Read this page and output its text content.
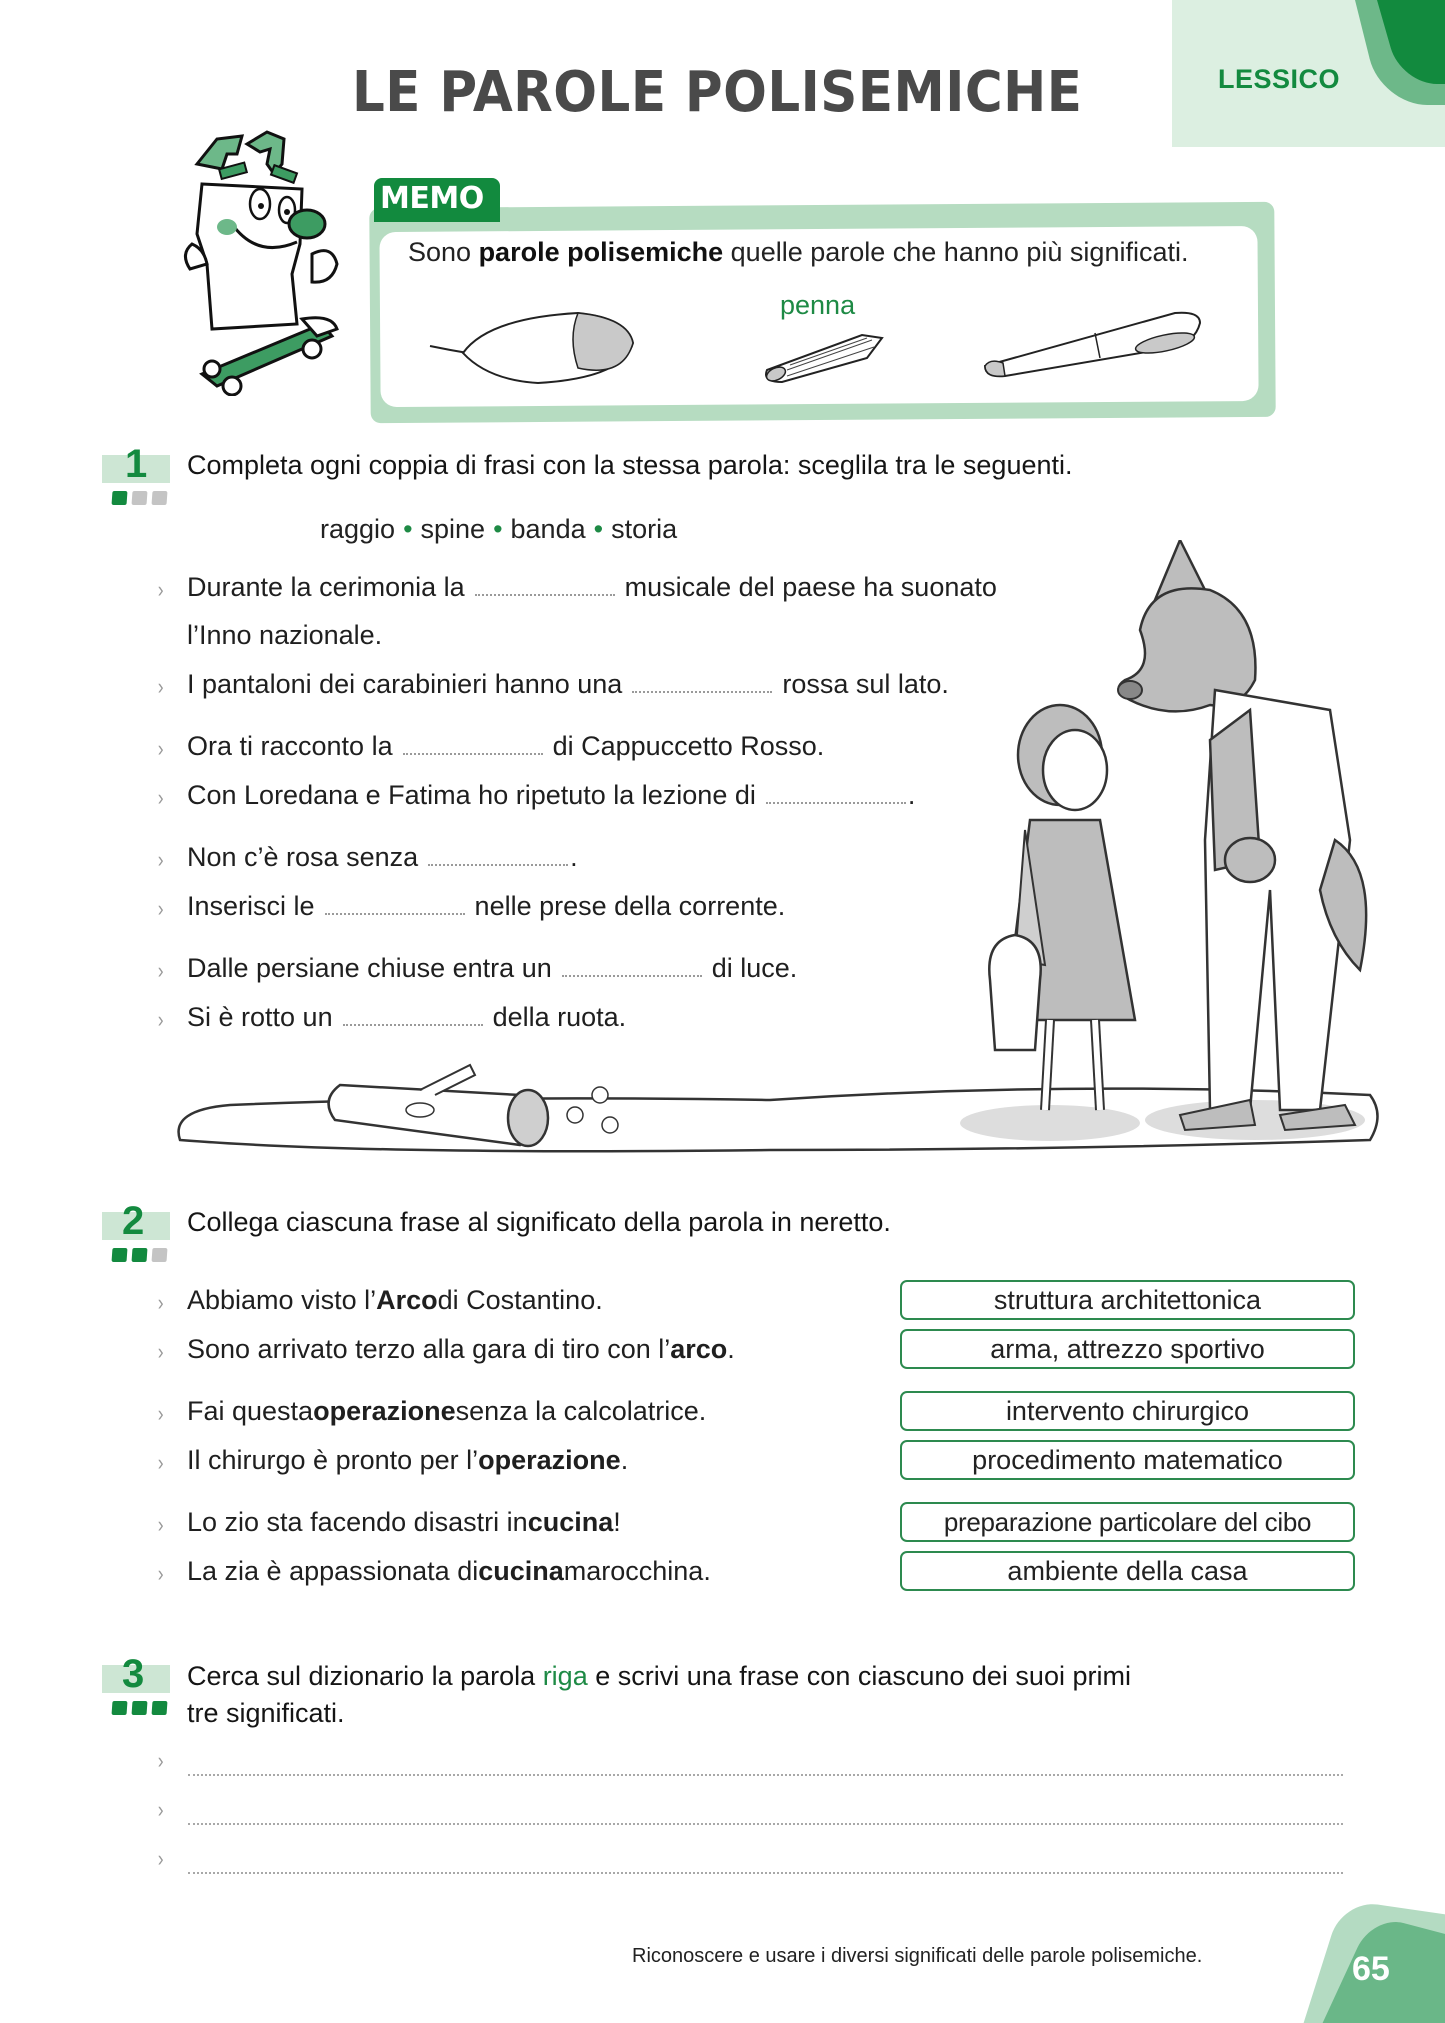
LESSICO
LE PAROLE POLISEMICHE
MEMO
Sono parole polisemiche quelle parole che hanno più significati.
penna
1 Completa ogni coppia di frasi con la stessa parola: sceglila tra le seguenti.
raggio • spine • banda • storia
› Durante la cerimonia la	musicale del paese ha suonato
l’Inno nazionale.
› I pantaloni dei carabinieri hanno una	rossa sul lato.
› Ora ti racconto la	di Cappuccetto Rosso.
› Con Loredana e Fatima ho ripetuto la lezione di	.
› Non c’è rosa senza	.
› Inserisci le	nelle prese della corrente.
› Dalle persiane chiuse entra un	di luce.
› Si è rotto un	della ruota.
2 Collega ciascuna frase al significato della parola in neretto.
› Abbiamo visto l’ Arco di Costantino.
› Sono arrivato terzo alla gara di tiro con l’ arco .
› Fai questa operazione senza la calcolatrice.
› Il chirurgo è pronto per l’ operazione .
› Lo zio sta facendo disastri in cucina !
› La zia è appassionata di cucina marocchina.
struttura architettonica
arma, attrezzo sportivo
intervento chirurgico
procedimento matematico
preparazione particolare del cibo
ambiente della casa
3 Cerca sul dizionario la parola riga e scrivi una frase con ciascuno dei suoi primi
tre significati.
›
›
›
Riconoscere e usare i diversi significati delle parole polisemiche.	65
